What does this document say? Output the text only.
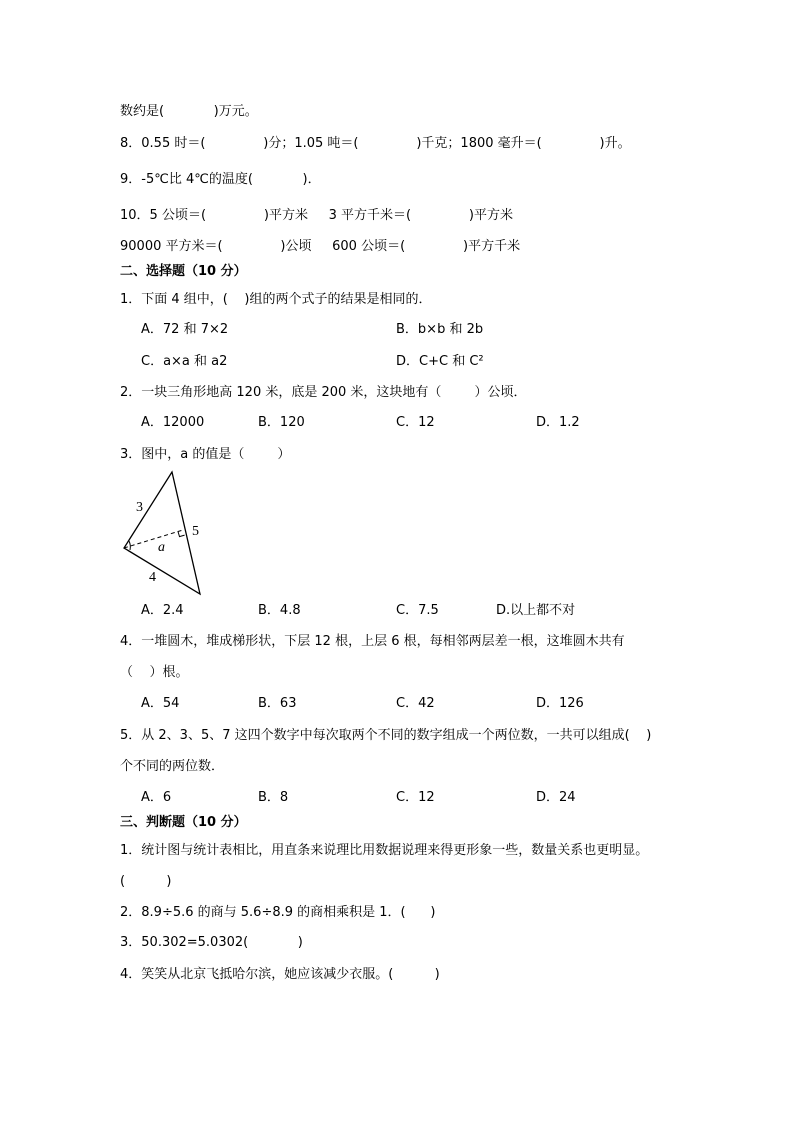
数约是(            )万元。
8．0.55 时＝(              )分；1.05 吨＝(              )千克；1800 毫升＝(              )升。
9．-5℃比 4℃的温度(            )．
10．5 公顷＝(              )平方米     3 平方千米＝(              )平方米
90000 平方米＝(              )公顷     600 公顷＝(              )平方千米
二、选择题（10 分）
1．下面 4 组中，(    )组的两个式子的结果是相同的．
A．72 和 7×2	B．b×b 和 2b
C．a×a 和 a2	D．C+C 和 C²
2．一块三角形地高 120 米，底是 200 米，这块地有（        ）公顷．
A．12000	B．120	C．12	D．1.2
3．图中，a 的值是（        ）
3
5
4
a
A．2.4	B．4.8	C．7.5	D.以上都不对
4．一堆圆木，堆成梯形状，下层 12 根，上层 6 根，每相邻两层差一根，这堆圆木共有
（    ）根。
A．54	B．63	C．42	D．126
5．从 2、3、5、7 这四个数字中每次取两个不同的数字组成一个两位数，一共可以组成(    )
个不同的两位数．
A．6	B．8	C．12	D．24
三、判断题（10 分）
1．统计图与统计表相比，用直条来说理比用数据说理来得更形象一些，数量关系也更明显。
(          )
2．8.9÷5.6 的商与 5.6÷8.9 的商相乘积是 1．(      )
3．50.302=5.0302(            )
4．笑笑从北京飞抵哈尔滨，她应该减少衣服。(          )
